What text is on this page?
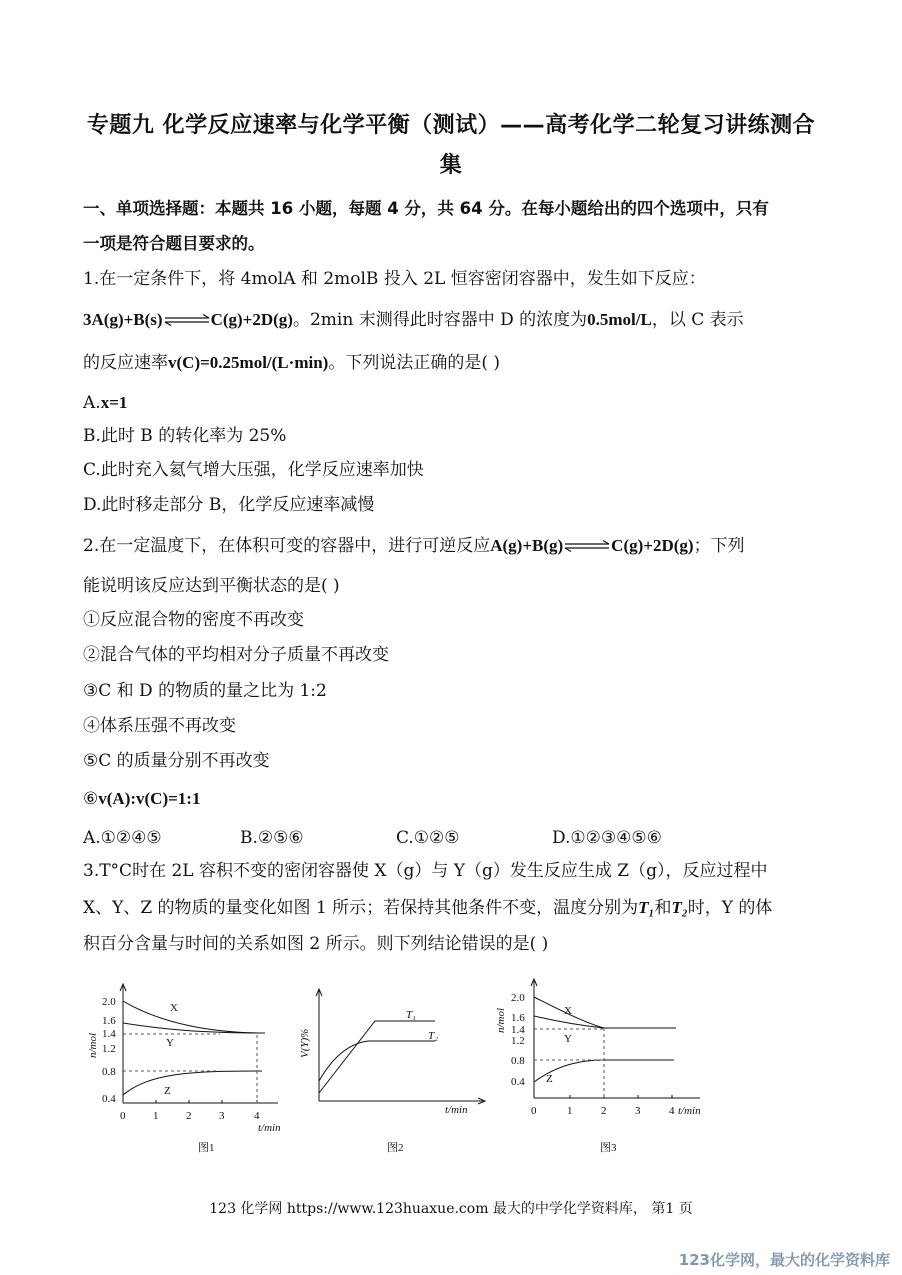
专题九 化学反应速率与化学平衡（测试）——高考化学二轮复习讲练测合
集
一、单项选择题：本题共 16 小题，每题 4 分，共 64 分。在每小题给出的四个选项中，只有
一项是符合题目要求的。
1.在一定条件下，将 4molA 和 2molB 投入 2L 恒容密闭容器中，发生如下反应：
3A(g)+B(s)⇌C(g)+2D(g)。2min 末测得此时容器中 D 的浓度为0.5mol/L，以 C 表示
的反应速率v(C)=0.25mol/(L·min)。下列说法正确的是( )
A.x=1
B.此时 B 的转化率为 25%
C.此时充入氦气增大压强，化学反应速率加快
D.此时移走部分 B，化学反应速率减慢
2.在一定温度下，在体积可变的容器中，进行可逆反应A(g)+B(g)⇌C(g)+2D(g)；下列
能说明该反应达到平衡状态的是( )
①反应混合物的密度不再改变
②混合气体的平均相对分子质量不再改变
③C 和 D 的物质的量之比为 1:2
④体系压强不再改变
⑤C 的质量分别不再改变
⑥v(A):v(C)=1:1
A.①②④⑤	B.②⑤⑥	C.①②⑤	D.①②③④⑤⑥
3.T°C时在 2L 容积不变的密闭容器使 X（g）与 Y（g）发生反应生成 Z（g），反应过程中
X、Y、Z 的物质的量变化如图 1 所示；若保持其他条件不变，温度分别为T₁和T₂时，Y 的体
积百分含量与时间的关系如图 2 所示。则下列结论错误的是( )
2.0
1.6
1.4
1.2
0.8
0.4
0	1	2	3	4
t/min
n/mol
X
Y
Z
图1
T₁
T₂
t/min
V(Y)%
图2
2.0
1.6
1.4
1.2
0.8
0.4
0	1	2	3	4 t/min
n/mol	X
Y
Z
图3
123 化学网 https://www.123huaxue.com 最大的中学化学资料库， 第1 页
123化学网，最大的化学资料库
